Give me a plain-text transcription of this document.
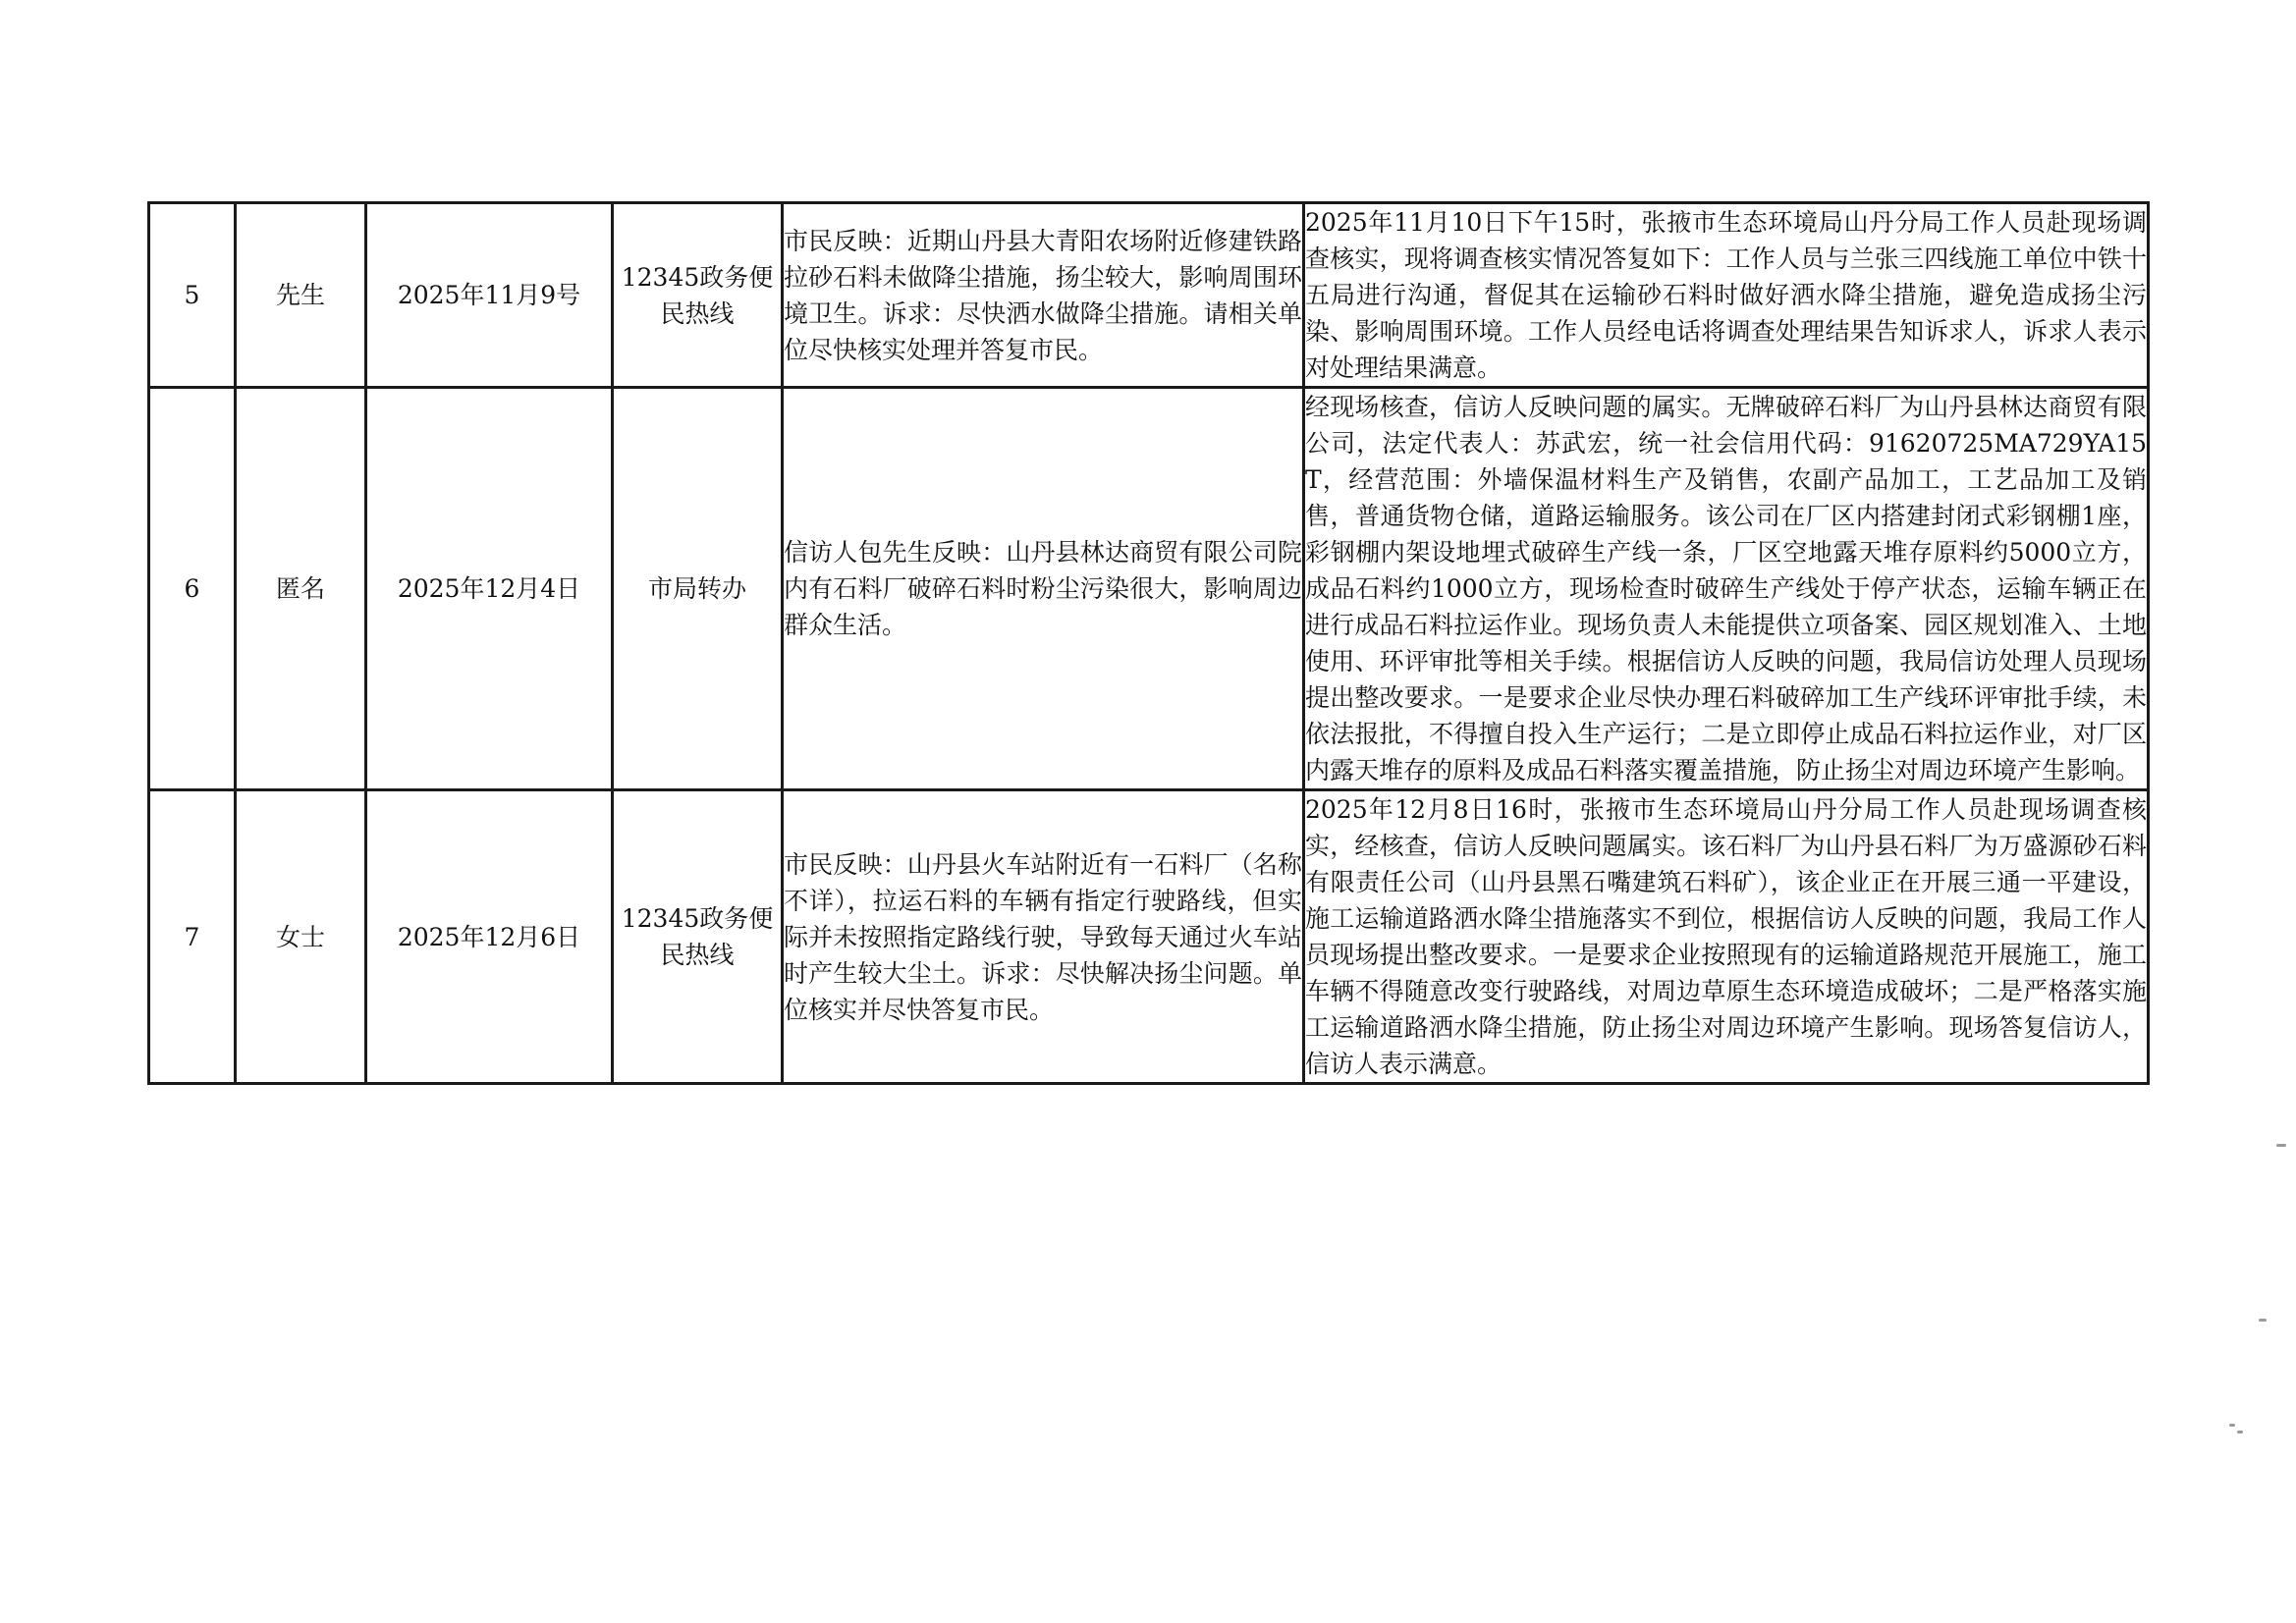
5	先生	2025年11月9号	12345政务便民热线	市民反映：近期山丹县大青阳农场附近修建铁路拉砂石料未做降尘措施，扬尘较大，影响周围环境卫生。诉求：尽快洒水做降尘措施。请相关单位尽快核实处理并答复市民。	2025年11月10日下午15时，张掖市生态环境局山丹分局工作人员赴现场调查核实，现将调查核实情况答复如下：工作人员与兰张三四线施工单位中铁十五局进行沟通，督促其在运输砂石料时做好洒水降尘措施，避免造成扬尘污染、影响周围环境。工作人员经电话将调查处理结果告知诉求人，诉求人表示对处理结果满意。
6	匿名	2025年12月4日	市局转办	信访人包先生反映：山丹县林达商贸有限公司院内有石料厂破碎石料时粉尘污染很大，影响周边群众生活。	经现场核查，信访人反映问题的属实。无牌破碎石料厂为山丹县林达商贸有限公司，法定代表人：苏武宏，统一社会信用代码：91620725MA729YA15T，经营范围：外墙保温材料生产及销售，农副产品加工，工艺品加工及销售，普通货物仓储，道路运输服务。该公司在厂区内搭建封闭式彩钢棚1座，彩钢棚内架设地埋式破碎生产线一条，厂区空地露天堆存原料约5000立方，成品石料约1000立方，现场检查时破碎生产线处于停产状态，运输车辆正在进行成品石料拉运作业。现场负责人未能提供立项备案、园区规划准入、土地使用、环评审批等相关手续。根据信访人反映的问题，我局信访处理人员现场提出整改要求。一是要求企业尽快办理石料破碎加工生产线环评审批手续，未依法报批，不得擅自投入生产运行；二是立即停止成品石料拉运作业，对厂区内露天堆存的原料及成品石料落实覆盖措施，防止扬尘对周边环境产生影响。
7	女士	2025年12月6日	12345政务便民热线	市民反映：山丹县火车站附近有一石料厂（名称不详），拉运石料的车辆有指定行驶路线，但实际并未按照指定路线行驶，导致每天通过火车站时产生较大尘土。诉求：尽快解决扬尘问题。单位核实并尽快答复市民。	2025年12月8日16时，张掖市生态环境局山丹分局工作人员赴现场调查核实，经核查，信访人反映问题属实。该石料厂为山丹县石料厂为万盛源砂石料有限责任公司（山丹县黑石嘴建筑石料矿），该企业正在开展三通一平建设，施工运输道路洒水降尘措施落实不到位，根据信访人反映的问题，我局工作人员现场提出整改要求。一是要求企业按照现有的运输道路规范开展施工，施工车辆不得随意改变行驶路线，对周边草原生态环境造成破坏；二是严格落实施工运输道路洒水降尘措施，防止扬尘对周边环境产生影响。现场答复信访人，信访人表示满意。
